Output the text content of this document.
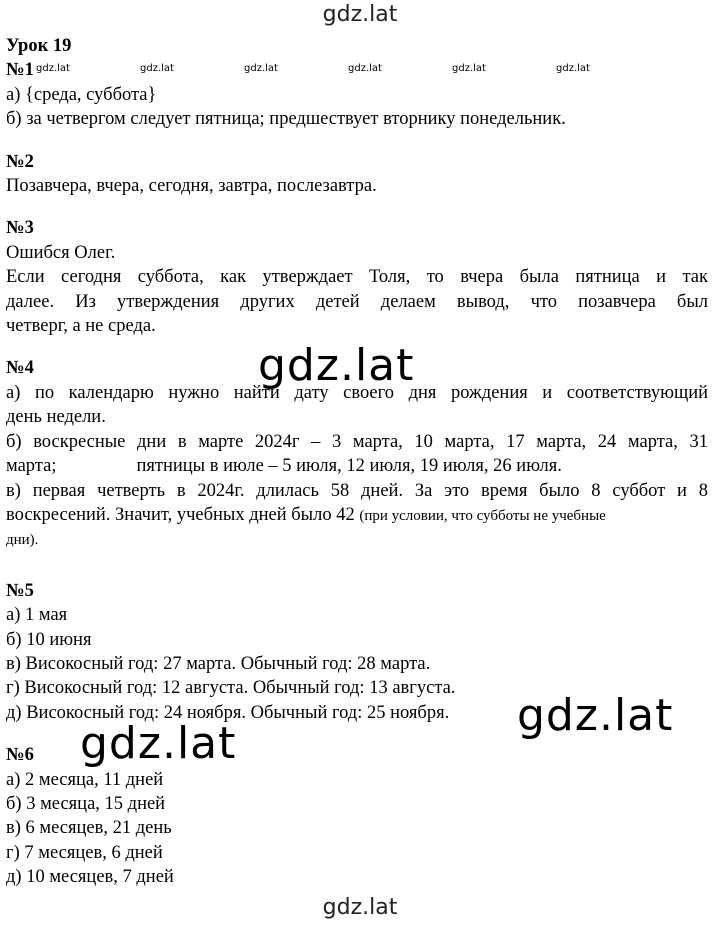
gdz.lat
Урок 19
№1
а) {среда, суббота}
б) за четвергом следует пятница; предшествует вторнику понедельник.
№2
Позавчера, вчера, сегодня, завтра, послезавтра.
№3
Ошибся Олег.
Если сегодня суббота, как утверждает Толя, то вчера была пятница и так
далее. Из утверждения других детей делаем вывод, что позавчера был
четверг, а не среда.
№4
а) по календарю нужно найти дату своего дня рождения и соответствующий
день недели.
б) воскресные дни в марте 2024г – 3 марта, 10 марта, 17 марта, 24 марта, 31
марта;	пятницы в июле – 5 июля, 12 июля, 19 июля, 26 июля.
в) первая четверть в 2024г. длилась 58 дней. За это время было 8 суббот и 8
воскресений. Значит, учебных дней было 42 (при условии, что субботы не учебные
дни).
№5
а) 1 мая
б) 10 июня
в) Високосный год: 27 марта. Обычный год: 28 марта.
г) Високосный год: 12 августа. Обычный год: 13 августа.
д) Високосный год: 24 ноября. Обычный год: 25 ноября.
№6
а) 2 месяца, 11 дней
б) 3 месяца, 15 дней
в) 6 месяцев, 21 день
г) 7 месяцев, 6 дней
д) 10 месяцев, 7 дней
gdz.lat	gdz.lat	gdz.lat	gdz.lat	gdz.lat	gdz.lat
gdz.lat
gdz.lat
gdz.lat
gdz.lat
